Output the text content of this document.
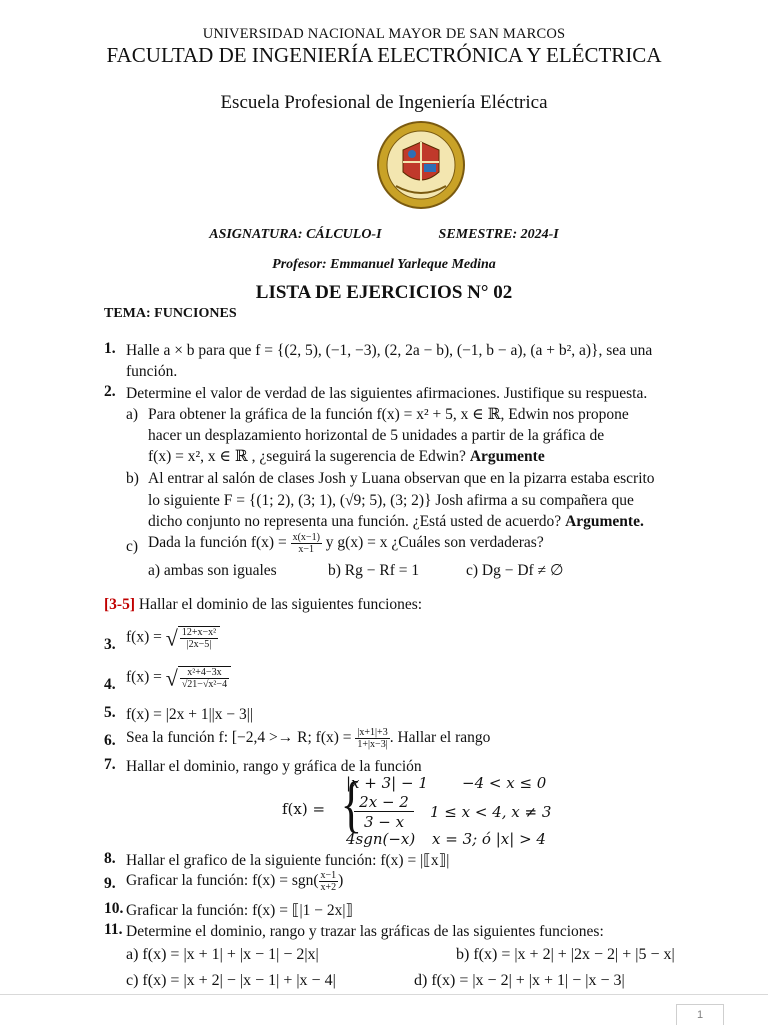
UNIVERSIDAD NACIONAL MAYOR DE SAN MARCOS
FACULTAD DE INGENIERÍA ELECTRÓNICA Y ELÉCTRICA
Escuela Profesional de Ingeniería Eléctrica
ASIGNATURA: CÁLCULO-I	SEMESTRE: 2024-I
Profesor: Emmanuel Yarleque Medina
LISTA DE EJERCICIOS N° 02
TEMA: FUNCIONES
1. Halle a × b para que f = {(2, 5), (−1, −3), (2, 2a − b), (−1, b − a), (a + b², a)}, sea una
función.
2. Determine el valor de verdad de las siguientes afirmaciones. Justifique su respuesta.
a) Para obtener la gráfica de la función f(x) = x² + 5, x ∈ ℝ, Edwin nos propone
hacer un desplazamiento horizontal de 5 unidades a partir de la gráfica de
f(x) = x², x ∈ ℝ , ¿seguirá la sugerencia de Edwin? Argumente
b) Al entrar al salón de clases Josh y Luana observan que en la pizarra estaba escrito
lo siguiente F = {(1; 2), (3; 1), (√9; 5), (3; 2)} Josh afirma a su compañera que
dicho conjunto no representa una función. ¿Está usted de acuerdo? Argumente.
c) Dada la función $f(x) = \frac{x(x-1)}{x-1}$ y g(x) = x ¿Cuáles son verdaderas?
a) ambas son iguales	b) Rg − Rf = 1	c) Dg − Df ≠ ∅
[3-5] Hallar el dominio de las siguientes funciones:
3. f(x) = √ $\frac{\text{12+x−x²}}{|2x-5|}$
4. f(x) = √ $\frac{\text{x²+4−3x}}{\text{√21−√x²−4}}$
5. f(x) = |2x + 1||x − 3||
6. Sea la función f: [−2,4 >→ R; $f(x) = \frac{|x+1|+3}{1+|x-3|}$ . Hallar el rango
7. Hallar el dominio, rango y gráfica de la función
f(x) = {
|x + 3| − 1 −4 < x ≤ 0
2x − 2
3 − x
1 ≤ x < 4, x ≠ 3
4sgn(−x) x = 3; ó |x| > 4
8. Hallar el grafico de la siguiente función: f(x) = |⟦x⟧|
9. Graficar la función: $f(x) = sgn( \frac{x-1}{x+2}$ )
10. Graficar la función: f(x) = ⟦|1 − 2x|⟧
11. Determine el dominio, rango y trazar las gráficas de las siguientes funciones:
a) f(x) = |x + 1| + |x − 1| − 2|x|	b) f(x) = |x + 2| + |2x − 2| + |5 − x|
c) f(x) = |x + 2| − |x − 1| + |x − 4|	d) f(x) = |x − 2| + |x + 1| − |x − 3|
1
